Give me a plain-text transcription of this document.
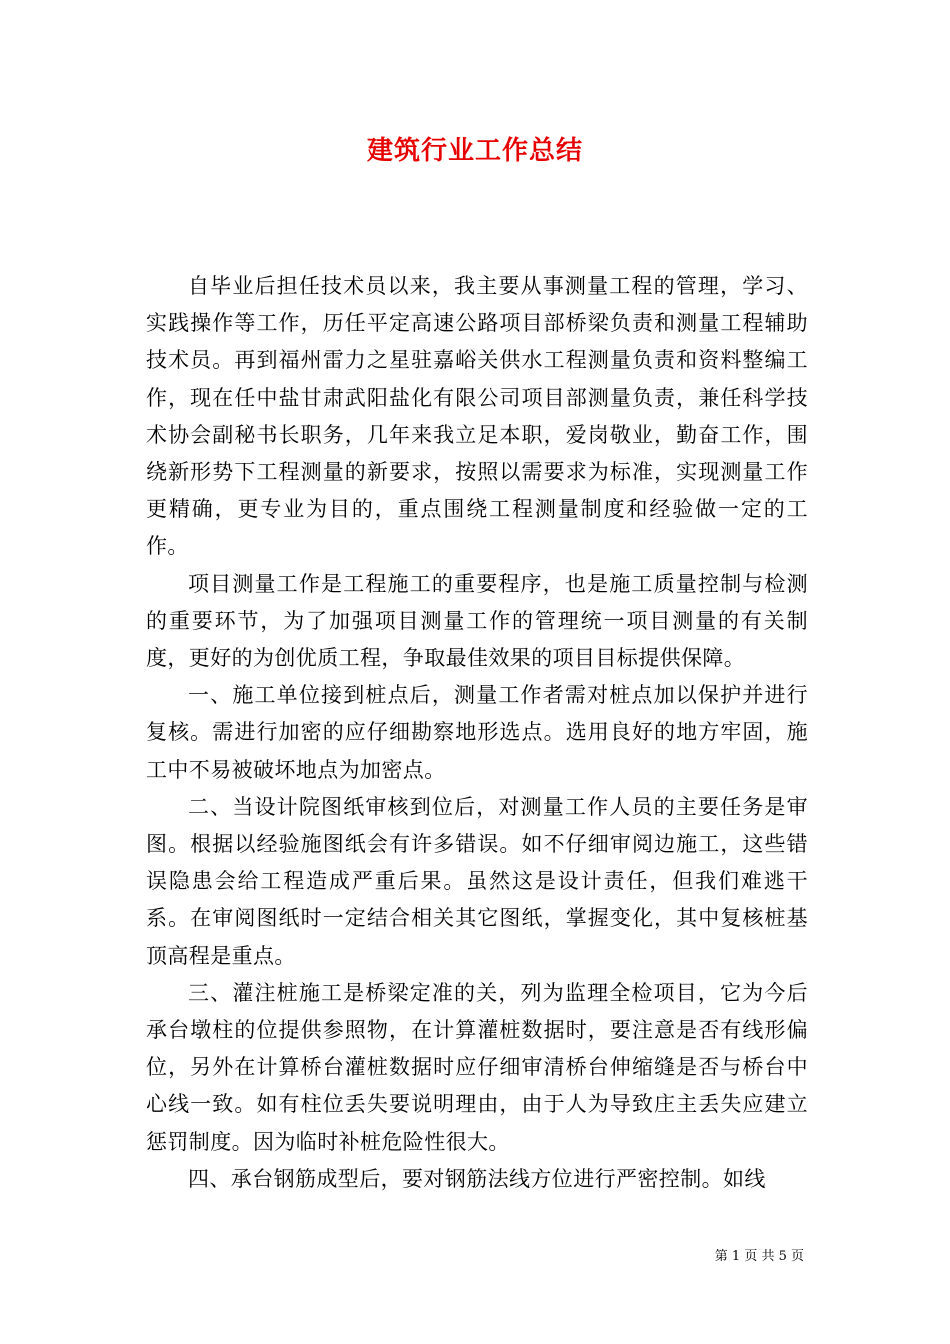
建筑行业工作总结

自毕业后担任技术员以来，我主要从事测量工程的管理，学习、实践操作等工作，历任平定高速公路项目部桥梁负责和测量工程辅助技术员。再到福州雷力之星驻嘉峪关供水工程测量负责和资料整编工作，现在任中盐甘肃武阳盐化有限公司项目部测量负责，兼任科学技术协会副秘书长职务，几年来我立足本职，爱岗敬业，勤奋工作，围绕新形势下工程测量的新要求，按照以需要求为标准，实现测量工作更精确，更专业为目的，重点围绕工程测量制度和经验做一定的工作。

项目测量工作是工程施工的重要程序，也是施工质量控制与检测的重要环节，为了加强项目测量工作的管理统一项目测量的有关制度，更好的为创优质工程，争取最佳效果的项目目标提供保障。

一、施工单位接到桩点后，测量工作者需对桩点加以保护并进行复核。需进行加密的应仔细勘察地形选点。选用良好的地方牢固，施工中不易被破坏地点为加密点。

二、当设计院图纸审核到位后，对测量工作人员的主要任务是审图。根据以经验施图纸会有许多错误。如不仔细审阅边施工，这些错误隐患会给工程造成严重后果。虽然这是设计责任，但我们难逃干系。在审阅图纸时一定结合相关其它图纸，掌握变化，其中复核桩基顶高程是重点。

三、灌注桩施工是桥梁定准的关，列为监理全检项目，它为今后承台墩柱的位提供参照物，在计算灌桩数据时，要注意是否有线形偏位，另外在计算桥台灌桩数据时应仔细审清桥台伸缩缝是否与桥台中心线一致。如有柱位丢失要说明理由，由于人为导致庄主丢失应建立惩罚制度。因为临时补桩危险性很大。

四、承台钢筋成型后，要对钢筋法线方位进行严密控制。如线

第 1 页 共 5 页
